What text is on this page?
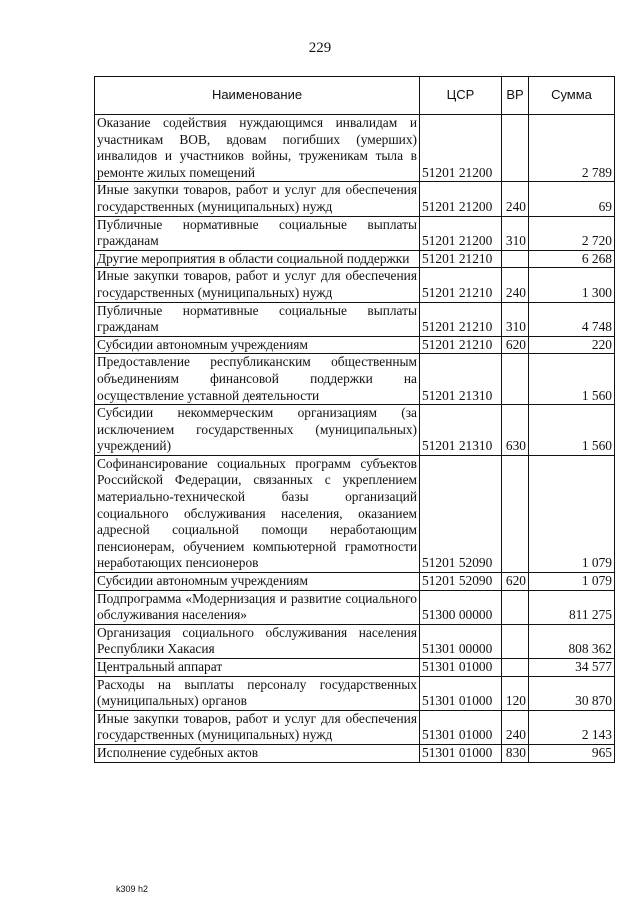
229
Наименование	ЦСР	ВР	Сумма
Оказание содействия нуждающимся инвалидам и участникам ВОВ, вдовам погибших (умерших) инвалидов и участников войны, труженикам тыла в ремонте жилых помещений	51201 21200		2 789
Иные закупки товаров, работ и услуг для обеспечения государственных (муниципальных) нужд	51201 21200	240	69
Публичные нормативные социальные выплаты гражданам	51201 21200	310	2 720
Другие мероприятия в области социальной поддержки	51201 21210		6 268
Иные закупки товаров, работ и услуг для обеспечения государственных (муниципальных) нужд	51201 21210	240	1 300
Публичные нормативные социальные выплаты гражданам	51201 21210	310	4 748
Субсидии автономным учреждениям	51201 21210	620	220
Предоставление республиканским общественным объединениям финансовой поддержки на осуществление уставной деятельности	51201 21310		1 560
Субсидии некоммерческим организациям (за исключением государственных (муниципальных) учреждений)	51201 21310	630	1 560
Софинансирование социальных программ субъектов Российской Федерации, связанных с укреплением материально-технической базы организаций социального обслуживания населения, оказанием адресной социальной помощи неработающим пенсионерам, обучением компьютерной грамотности неработающих пенсионеров	51201 52090		1 079
Субсидии автономным учреждениям	51201 52090	620	1 079
Подпрограмма «Модернизация и развитие социального обслуживания населения»	51300 00000		811 275
Организация социального обслуживания населения Республики Хакасия	51301 00000		808 362
Центральный аппарат	51301 01000		34 577
Расходы на выплаты персоналу государственных (муниципальных) органов	51301 01000	120	30 870
Иные закупки товаров, работ и услуг для обеспечения государственных (муниципальных) нужд	51301 01000	240	2 143
Исполнение судебных актов	51301 01000	830	965
k309 h2
